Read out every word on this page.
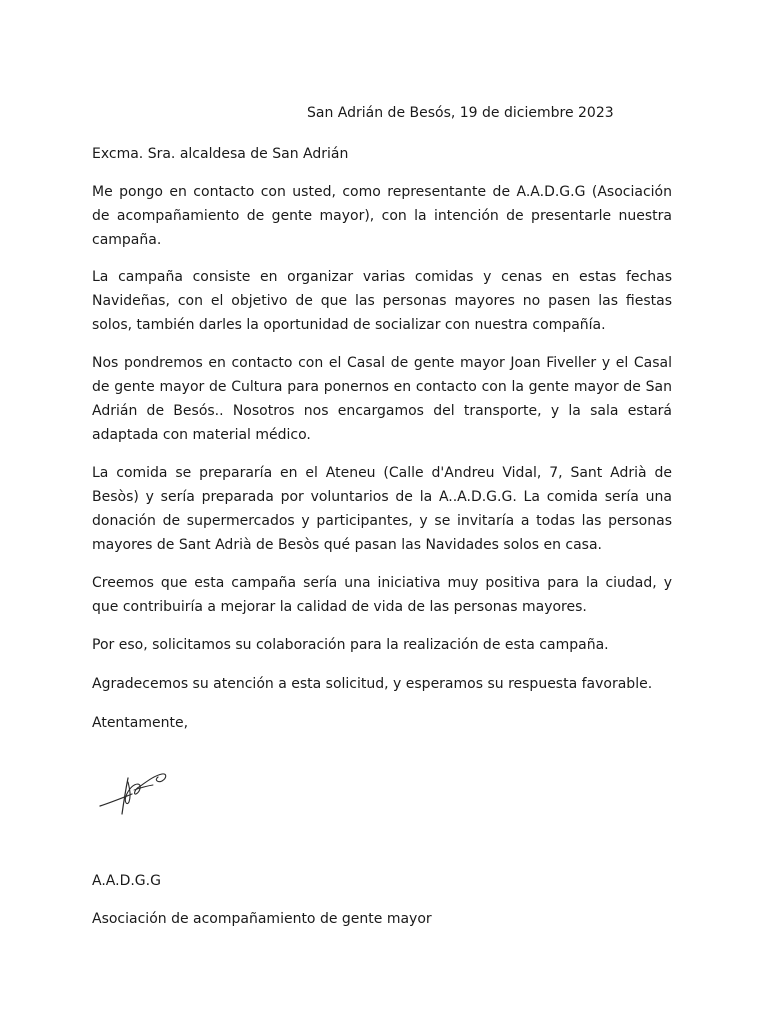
San Adrián de Besós, 19 de diciembre 2023
Excma. Sra. alcaldesa de San Adrián
Me pongo en contacto con usted, como representante de A.A.D.G.G (Asociación de acompañamiento de gente mayor), con la intención de presentarle nuestra campaña.
La campaña consiste en organizar varias comidas y cenas en estas fechas Navideñas, con el objetivo de que las personas mayores no pasen las fiestas solos, también darles la oportunidad de socializar con nuestra compañía.
Nos pondremos en contacto con el Casal de gente mayor Joan Fiveller y el Casal de gente mayor de Cultura para ponernos en contacto con la gente mayor de San Adrián de Besós.. Nosotros nos encargamos del transporte, y la sala estará adaptada con material médico.
La comida se prepararía en el Ateneu (Calle d'Andreu Vidal, 7, Sant Adrià de Besòs) y sería preparada por voluntarios de la A..A.D.G.G. La comida sería una donación de supermercados y participantes, y se invitaría a todas las personas mayores de Sant Adrià de Besòs qué pasan las Navidades solos en casa.
Creemos que esta campaña sería una iniciativa muy positiva para la ciudad, y que contribuiría a mejorar la calidad de vida de las personas mayores.
Por eso, solicitamos su colaboración para la realización de esta campaña.
Agradecemos su atención a esta solicitud, y esperamos su respuesta favorable.
Atentamente,
A.A.D.G.G
Asociación de acompañamiento de gente mayor
